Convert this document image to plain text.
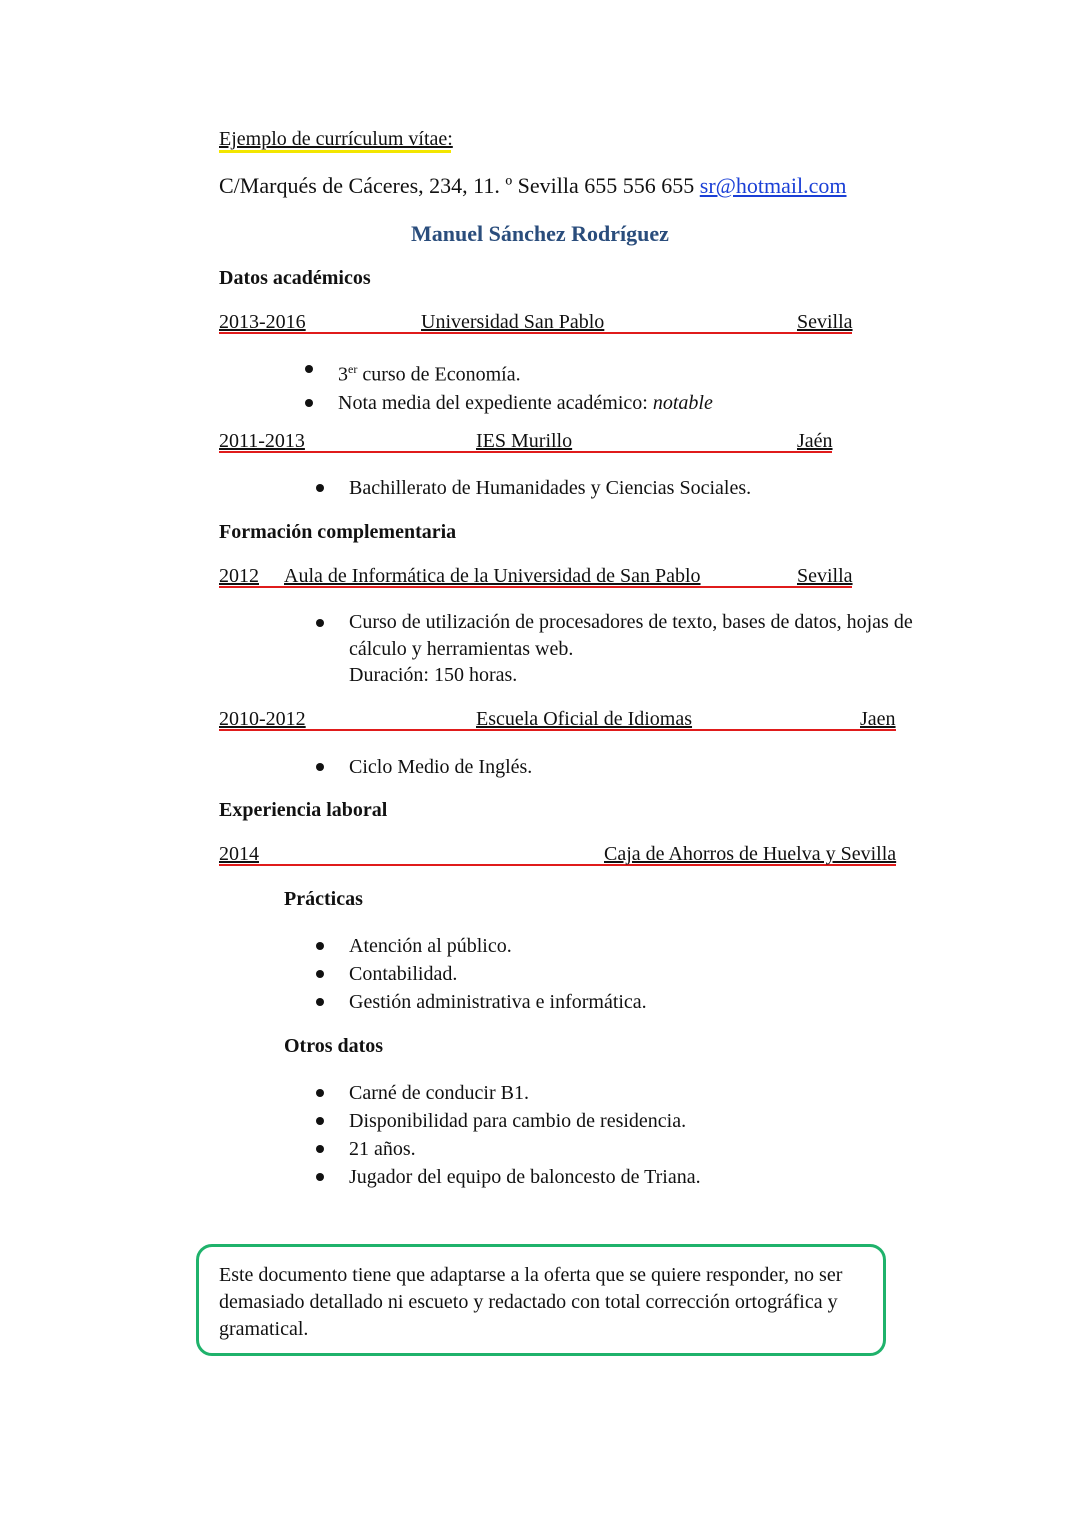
Ejemplo de currículum vítae:
C/Marqués de Cáceres, 234, 11. º Sevilla 655 556 655 sr@hotmail.com
Manuel Sánchez Rodríguez
Datos académicos
2013-2016	Universidad San Pablo	Sevilla
3er curso de Economía.
Nota media del expediente académico: notable
2011-2013	IES Murillo	Jaén
Bachillerato de Humanidades y Ciencias Sociales.
Formación complementaria
2012 Aula de Informática de la Universidad de San Pablo	Sevilla
Curso de utilización de procesadores de texto, bases de datos, hojas de
cálculo y herramientas web.
Duración: 150 horas.
2010-2012	Escuela Oficial de Idiomas	Jaen
Ciclo Medio de Inglés.
Experiencia laboral
2014	Caja de Ahorros de Huelva y Sevilla
Prácticas
Atención al público.
Contabilidad.
Gestión administrativa e informática.
Otros datos
Carné de conducir B1.
Disponibilidad para cambio de residencia.
21 años.
Jugador del equipo de baloncesto de Triana.
Este documento tiene que adaptarse a la oferta que se quiere responder, no ser demasiado detallado ni escueto y redactado con total corrección ortográfica y gramatical.
